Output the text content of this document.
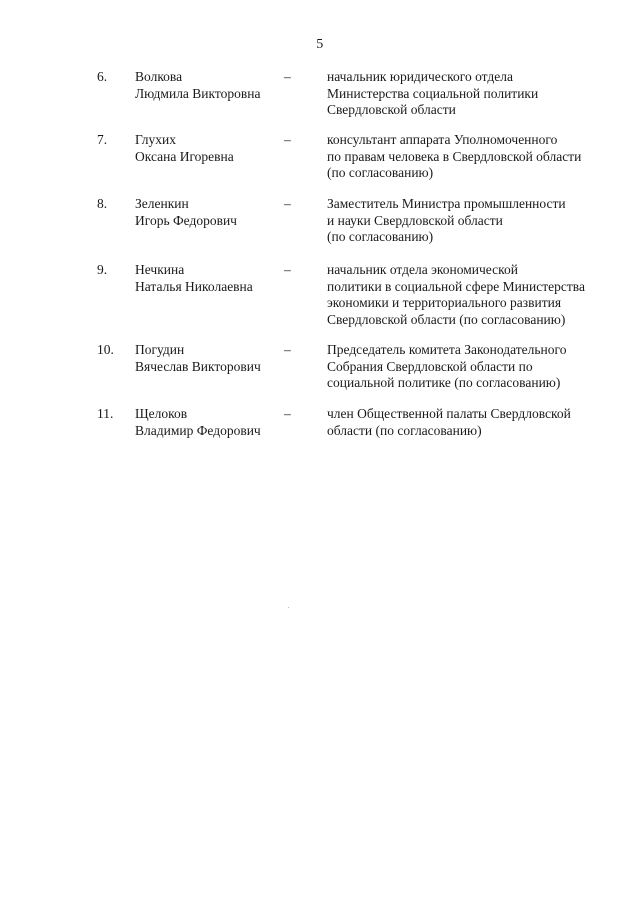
5
6. Волкова
Людмила Викторовна
–	начальник юридического отдела
Министерства социальной политики
Свердловской области
7. Глухих
Оксана Игоревна
–	консультант аппарата Уполномоченного
по правам человека в Свердловской области
(по согласованию)
8. Зеленкин
Игорь Федорович
–	Заместитель Министра промышленности
и науки Свердловской области
(по согласованию)
9. Нечкина
Наталья Николаевна
–	начальник отдела экономической
политики в социальной сфере Министерства
экономики и территориального развития
Свердловской области (по согласованию)
10. Погудин
Вячеслав Викторович
–	Председатель комитета Законодательного
Собрания Свердловской области по
социальной политике (по согласованию)
11. Щелоков
Владимир Федорович
–	член Общественной палаты Свердловской
области (по согласованию)
